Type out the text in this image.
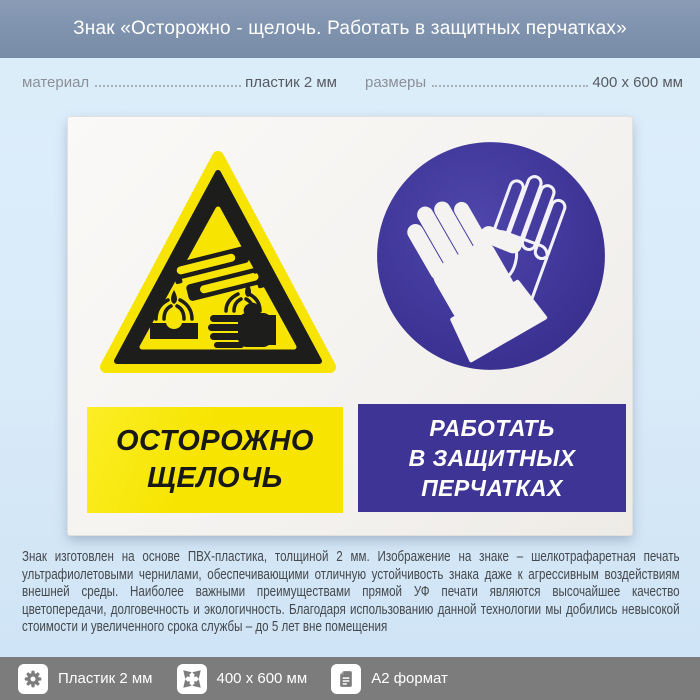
Знак «Осторожно - щелочь. Работать в защитных перчатках»
материал	пластик 2 мм размеры	400 x 600 мм
ОСТОРОЖНО
ЩЕЛОЧЬ
РАБОТАТЬ
В ЗАЩИТНЫХ
ПЕРЧАТКАХ
Знак изготовлен на основе ПВХ-пластика, толщиной 2 мм. Изображение на знаке – шелкотрафаретная печать ультрафиолетовыми чернилами, обеспечивающими отличную устойчивость знака даже к агрессивным воздействиям внешней среды. Наиболее важными преимуществами прямой УФ печати являются высочайшее качество цветопередачи, долговечность и экологичность. Благодаря использованию данной технологии мы добились невысокой стоимости и увеличенного срока службы – до 5 лет вне помещения
Пластик 2 мм	400 x 600 мм	А2 формат
